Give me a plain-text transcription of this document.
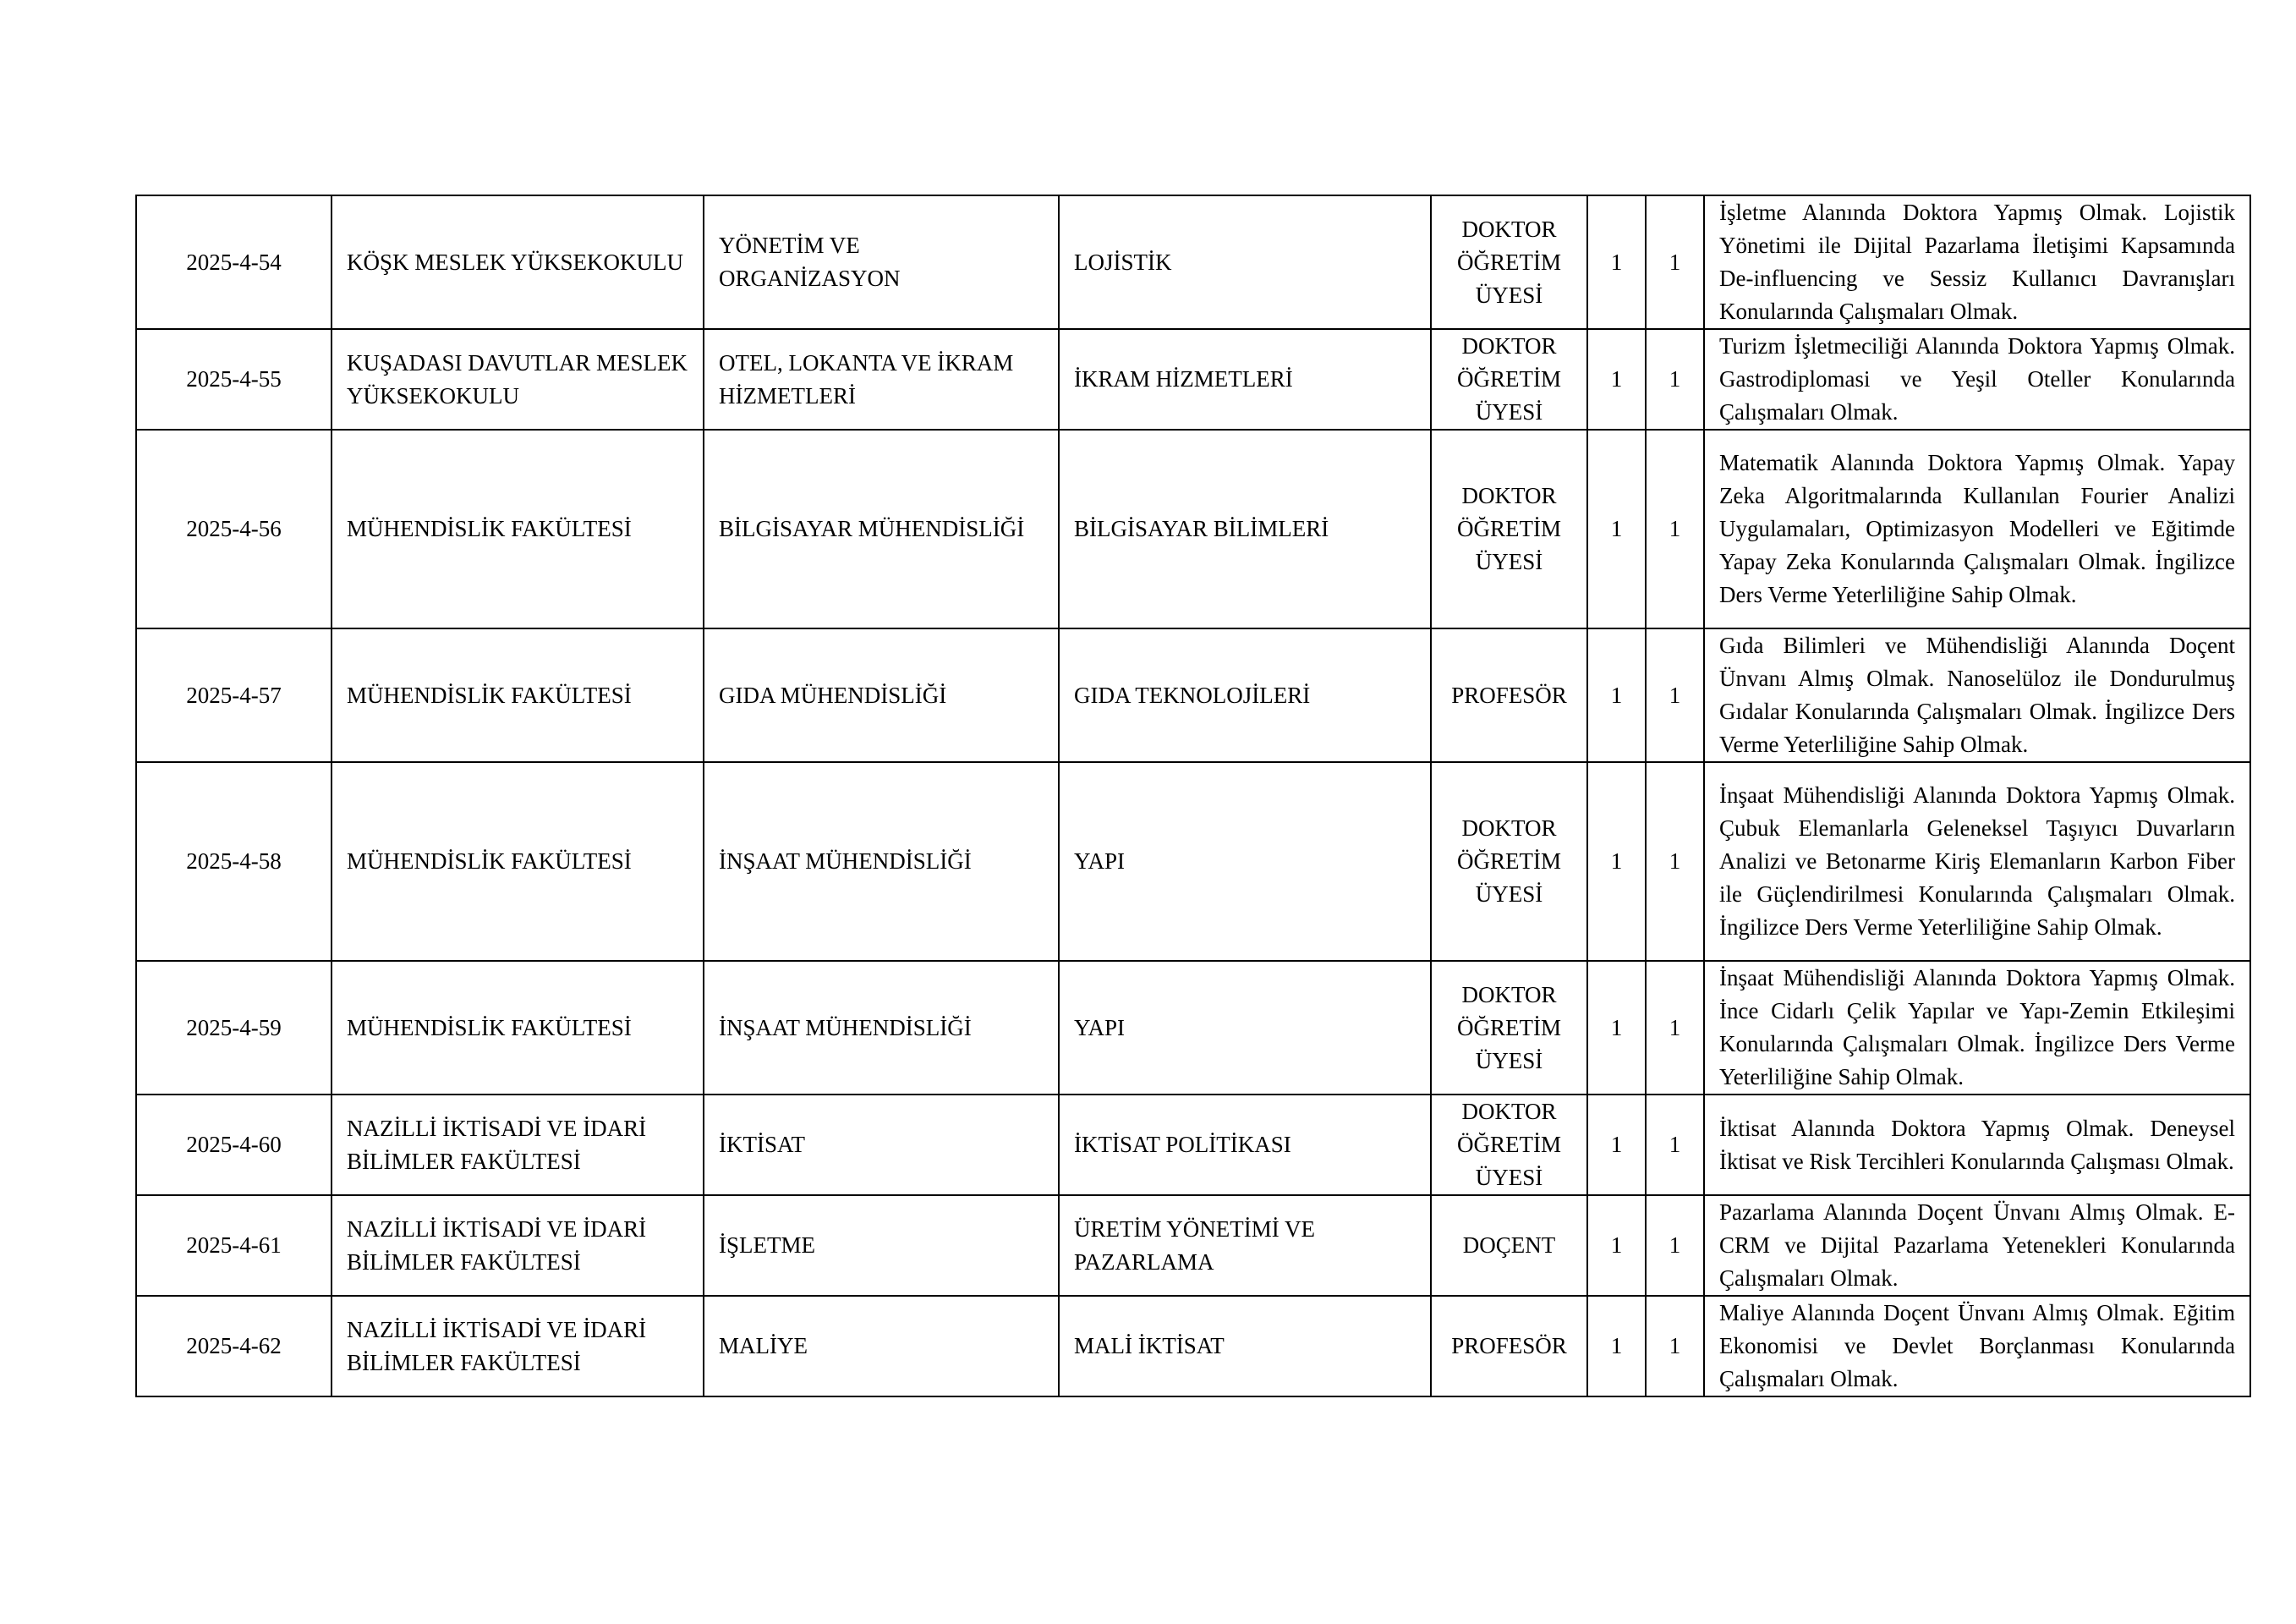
2025-4-54	KÖŞK MESLEK YÜKSEKOKULU	YÖNETİM VE ORGANİZASYON	LOJİSTİK	DOKTOR ÖĞRETİM ÜYESİ	1	1	İşletme Alanında Doktora Yapmış Olmak. Lojistik Yönetimi ile Dijital Pazarlama İletişimi Kapsamında De-influencing ve Sessiz Kullanıcı Davranışları Konularında Çalışmaları Olmak.
2025-4-55	KUŞADASI DAVUTLAR MESLEK YÜKSEKOKULU	OTEL, LOKANTA VE İKRAM HİZMETLERİ	İKRAM HİZMETLERİ	DOKTOR ÖĞRETİM ÜYESİ	1	1	Turizm İşletmeciliği Alanında Doktora Yapmış Olmak. Gastrodiplomasi ve Yeşil Oteller Konularında Çalışmaları Olmak.
2025-4-56	MÜHENDİSLİK FAKÜLTESİ	BİLGİSAYAR MÜHENDİSLİĞİ	BİLGİSAYAR BİLİMLERİ	DOKTOR ÖĞRETİM ÜYESİ	1	1	Matematik Alanında Doktora Yapmış Olmak. Yapay Zeka Algoritmalarında Kullanılan Fourier Analizi Uygulamaları, Optimizasyon Modelleri ve Eğitimde Yapay Zeka Konularında Çalışmaları Olmak. İngilizce Ders Verme Yeterliliğine Sahip Olmak.
2025-4-57	MÜHENDİSLİK FAKÜLTESİ	GIDA MÜHENDİSLİĞİ	GIDA TEKNOLOJİLERİ	PROFESÖR	1	1	Gıda Bilimleri ve Mühendisliği Alanında Doçent Ünvanı Almış Olmak. Nanoselüloz ile Dondurulmuş Gıdalar Konularında Çalışmaları Olmak. İngilizce Ders Verme Yeterliliğine Sahip Olmak.
2025-4-58	MÜHENDİSLİK FAKÜLTESİ	İNŞAAT MÜHENDİSLİĞİ	YAPI	DOKTOR ÖĞRETİM ÜYESİ	1	1	İnşaat Mühendisliği Alanında Doktora Yapmış Olmak. Çubuk Elemanlarla Geleneksel Taşıyıcı Duvarların Analizi ve Betonarme Kiriş Elemanların Karbon Fiber ile Güçlendirilmesi Konularında Çalışmaları Olmak. İngilizce Ders Verme Yeterliliğine Sahip Olmak.
2025-4-59	MÜHENDİSLİK FAKÜLTESİ	İNŞAAT MÜHENDİSLİĞİ	YAPI	DOKTOR ÖĞRETİM ÜYESİ	1	1	İnşaat Mühendisliği Alanında Doktora Yapmış Olmak. İnce Cidarlı Çelik Yapılar ve Yapı-Zemin Etkileşimi Konularında Çalışmaları Olmak. İngilizce Ders Verme Yeterliliğine Sahip Olmak.
2025-4-60	NAZİLLİ İKTİSADİ VE İDARİ BİLİMLER FAKÜLTESİ	İKTİSAT	İKTİSAT POLİTİKASI	DOKTOR ÖĞRETİM ÜYESİ	1	1	İktisat Alanında Doktora Yapmış Olmak. Deneysel İktisat ve Risk Tercihleri Konularında Çalışması Olmak.
2025-4-61	NAZİLLİ İKTİSADİ VE İDARİ BİLİMLER FAKÜLTESİ	İŞLETME	ÜRETİM YÖNETİMİ VE PAZARLAMA	DOÇENT	1	1	Pazarlama Alanında Doçent Ünvanı Almış Olmak. E-CRM ve Dijital Pazarlama Yetenekleri Konularında Çalışmaları Olmak.
2025-4-62	NAZİLLİ İKTİSADİ VE İDARİ BİLİMLER FAKÜLTESİ	MALİYE	MALİ İKTİSAT	PROFESÖR	1	1	Maliye Alanında Doçent Ünvanı Almış Olmak. Eğitim Ekonomisi ve Devlet Borçlanması Konularında Çalışmaları Olmak.
